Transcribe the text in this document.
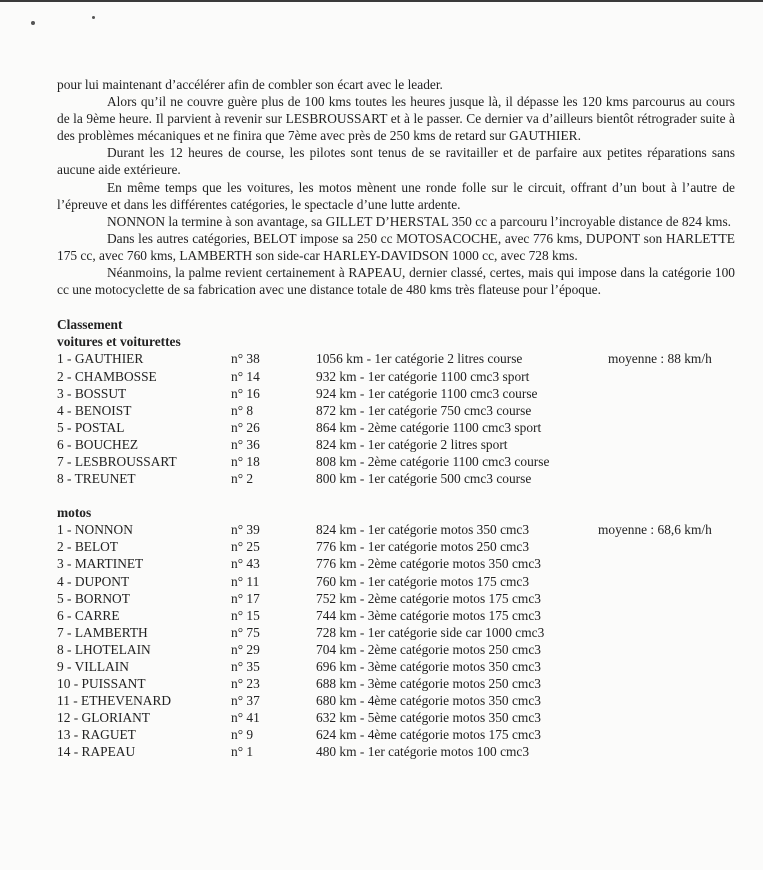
pour lui maintenant d’accélérer afin de combler son écart avec le leader.

Alors qu’il ne couvre guère plus de 100 kms toutes les heures jusque là, il dépasse les 120 kms parcourus au cours de la 9ème heure. Il parvient à revenir sur LESBROUSSART et à le passer. Ce dernier va d’ailleurs bientôt rétrograder suite à des problèmes mécaniques et ne finira que 7ème avec près de 250 kms de retard sur GAUTHIER.

Durant les 12 heures de course, les pilotes sont tenus de se ravitailler et de parfaire aux petites réparations sans aucune aide extérieure.

En même temps que les voitures, les motos mènent une ronde folle sur le circuit, offrant d’un bout à l’autre de l’épreuve et dans les différentes catégories, le spectacle d’une lutte ardente.

NONNON la termine à son avantage, sa GILLET D’HERSTAL 350 cc a parcouru l’incroyable distance de 824 kms.

Dans les autres catégories, BELOT impose sa 250 cc MOTOSACOCHE, avec 776 kms, DUPONT son HARLETTE 175 cc, avec 760 kms, LAMBERTH son side-car HARLEY-DAVIDSON 1000 cc, avec 728 kms.

Néanmoins, la palme revient certainement à RAPEAU, dernier classé, certes, mais qui impose dans la catégorie 100 cc une motocyclette de sa fabrication avec une distance totale de 480 kms très flateuse pour l’époque.

Classement
voitures et voiturettes
1 - GAUTHIER	n° 38	1056 km - 1er catégorie 2 litres course	moyenne : 88 km/h
2 - CHAMBOSSE	n° 14	932 km - 1er catégorie 1100 cmc3 sport
3 - BOSSUT	n° 16	924 km - 1er catégorie 1100 cmc3 course
4 - BENOIST	n° 8	872 km - 1er catégorie 750 cmc3 course
5 - POSTAL	n° 26	864 km - 2ème catégorie 1100 cmc3 sport
6 - BOUCHEZ	n° 36	824 km - 1er catégorie 2 litres sport
7 - LESBROUSSART	n° 18	808 km - 2ème catégorie 1100 cmc3 course
8 - TREUNET	n° 2	800 km - 1er catégorie 500 cmc3 course
motos
1 - NONNON	n° 39	824 km - 1er catégorie motos 350 cmc3	moyenne : 68,6 km/h
2 - BELOT	n° 25	776 km - 1er catégorie motos 250 cmc3
3 - MARTINET	n° 43	776 km - 2ème catégorie motos 350 cmc3
4 - DUPONT	n° 11	760 km - 1er catégorie motos 175 cmc3
5 - BORNOT	n° 17	752 km - 2ème catégorie motos 175 cmc3
6 - CARRE	n° 15	744 km - 3ème catégorie motos 175 cmc3
7 - LAMBERTH	n° 75	728 km - 1er catégorie side car 1000 cmc3
8 - LHOTELAIN	n° 29	704 km - 2ème catégorie motos 250 cmc3
9 - VILLAIN	n° 35	696 km - 3ème catégorie motos 350 cmc3
10 - PUISSANT	n° 23	688 km - 3ème catégorie motos 250 cmc3
11 - ETHEVENARD	n° 37	680 km - 4ème catégorie motos 350 cmc3
12 - GLORIANT	n° 41	632 km - 5ème catégorie motos 350 cmc3
13 - RAGUET	n° 9	624 km - 4ème catégorie motos 175 cmc3
14 - RAPEAU	n° 1	480 km - 1er catégorie motos 100 cmc3
